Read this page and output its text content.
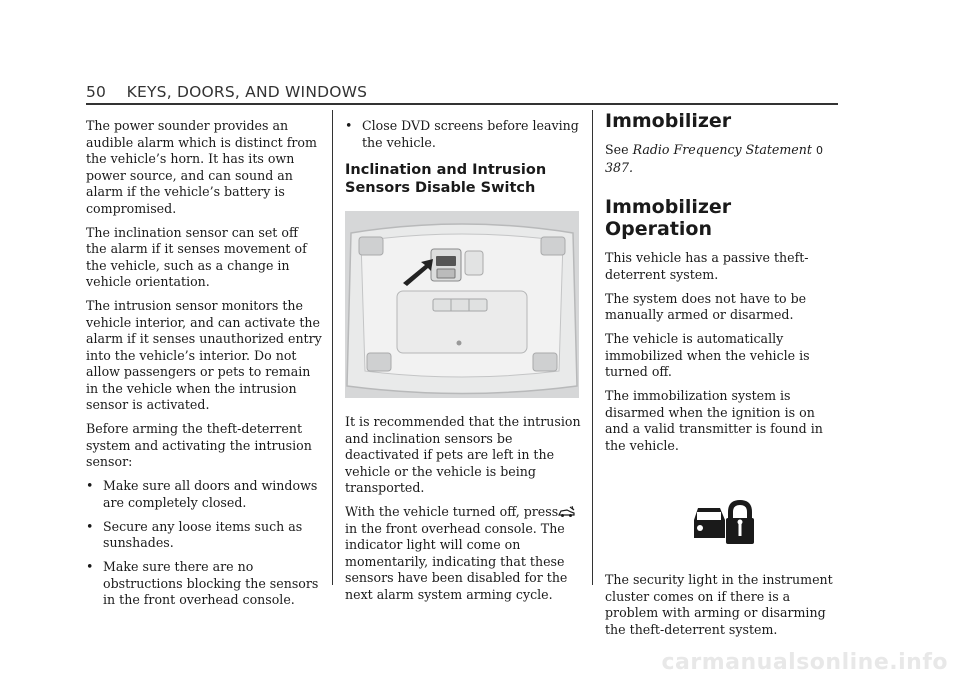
50 KEYS, DOORS, AND WINDOWS

The power sounder provides an audible alarm which is distinct from the vehicle’s horn. It has its own power source, and can sound an alarm if the vehicle’s battery is compromised.

The inclination sensor can set off the alarm if it senses movement of the vehicle, such as a change in vehicle orientation.

The intrusion sensor monitors the vehicle interior, and can activate the alarm if it senses unauthorized entry into the vehicle’s interior. Do not allow passengers or pets to remain in the vehicle when the intrusion sensor is activated.

Before arming the theft-deterrent system and activating the intrusion sensor:

• Make sure all doors and windows are completely closed.
• Secure any loose items such as sunshades.
• Make sure there are no obstructions blocking the sensors in the front overhead console.
• Close DVD screens before leaving the vehicle.
Inclination and Intrusion
Sensors Disable Switch

It is recommended that the intrusion and inclination sensors be deactivated if pets are left in the vehicle or the vehicle is being transported.

With the vehicle turned off, press
in the front overhead console. The indicator light will come on momentarily, indicating that these sensors have been disabled for the next alarm system arming cycle.

Immobilizer

See Radio Frequency Statement 0 387.

Immobilizer Operation

This vehicle has a passive theft-deterrent system.

The system does not have to be manually armed or disarmed.

The vehicle is automatically immobilized when the vehicle is turned off.

The immobilization system is disarmed when the ignition is on and a valid transmitter is found in the vehicle.

The security light in the instrument cluster comes on if there is a problem with arming or disarming the theft-deterrent system.

carmanualsonline.info
